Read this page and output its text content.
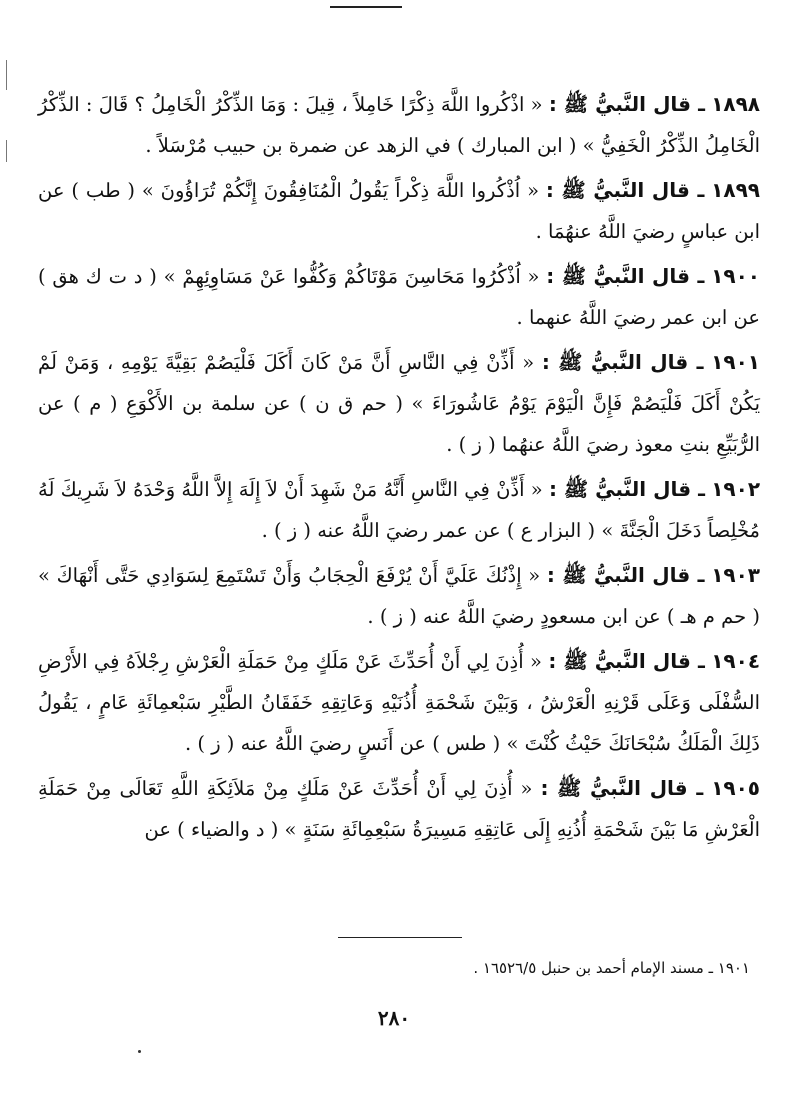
١٨٩٨ ـ قال النَّبيُّ ﷺ : « اذْكُروا اللَّهَ ذِكْرًا خَامِلاً ، قِيلَ : وَمَا الذِّكْرُ الْخَامِلُ ؟ قَالَ : الذِّكْرُ الْخَامِلُ الذِّكْرُ الْخَفِيُّ » ( ابن المبارك ) في الزهد عن ضمرة بن حبيب مُرْسَلاً .

١٨٩٩ ـ قال النَّبيُّ ﷺ : « اُذْكُروا اللَّهَ ذِكْراً يَقُولُ الْمُنَافِقُونَ إِنَّكُمْ تُرَاؤُونَ » ( طب ) عن ابن عباسٍ رضيَ اللَّهُ عنهُمَا .

١٩٠٠ ـ قال النَّبيُّ ﷺ : « اُذْكُرُوا مَحَاسِنَ مَوْتَاكُمْ وَكُفُّوا عَنْ مَسَاوِئِهِمْ » ( د ت ك هق ) عن ابن عمر رضيَ اللَّهُ عنهما .

١٩٠١ ـ قال النَّبيُّ ﷺ : « أَذِّنْ فِي النَّاسِ أَنَّ مَنْ كَانَ أَكَلَ فَلْيَصُمْ بَقِيَّةَ يَوْمِهِ ، وَمَنْ لَمْ يَكُنْ أَكَلَ فَلْيَصُمْ فَإِنَّ الْيَوْمَ يَوْمُ عَاشُورَاءَ » ( حم ق ن ) عن سلمة بن الأَكْوَعِ ( م ) عن الرُّبَيِّعِ بنتِ معوذ رضيَ اللَّهُ عنهُما ( ز ) .

١٩٠٢ ـ قال النَّبيُّ ﷺ : « أَذِّنْ فِي النَّاسِ أَنَّهُ مَنْ شَهِدَ أَنْ لاَ إِلَهَ إِلاَّ اللَّهُ وَحْدَهُ لاَ شَرِيكَ لَهُ مُخْلِصاً دَخَلَ الْجَنَّةَ » ( البزار ع ) عن عمر رضيَ اللَّهُ عنه ( ز ) .

١٩٠٣ ـ قال النَّبيُّ ﷺ : « إِذْنُكَ عَلَيَّ أَنْ يُرْفَعَ الْحِجَابُ وَأَنْ تَسْتَمِعَ لِسَوَادِي حَتَّى أَنْهَاكَ » ( حم م هـ ) عن ابن مسعودٍ رضيَ اللَّهُ عنه ( ز ) .

١٩٠٤ ـ قال النَّبيُّ ﷺ : « أُذِنَ لِي أَنْ أُحَدِّثَ عَنْ مَلَكٍ مِنْ حَمَلَةِ الْعَرْشِ رِجْلاَهُ فِي الأَرْضِ السُّفْلَى وَعَلَى قَرْنِهِ الْعَرْشُ ، وَبَيْنَ شَحْمَةِ أُذُنَيْهِ وَعَاتِقِهِ خَفَقَانُ الطَّيْرِ سَبْعمِائَةِ عَامٍ ، يَقُولُ ذَلِكَ الْمَلَكُ سُبْحَانَكَ حَيْثُ كُنْتَ » ( طس ) عن أَنَسٍ رضيَ اللَّهُ عنه ( ز ) .

١٩٠٥ ـ قال النَّبيُّ ﷺ : « أُذِنَ لِي أَنْ أُحَدِّثَ عَنْ مَلَكٍ مِنْ مَلاَئِكَةِ اللَّهِ تَعَالَى مِنْ حَمَلَةِ الْعَرْشِ مَا بَيْنَ شَحْمَةِ أُذُنِهِ إِلَى عَاتِقِهِ مَسِيرَةُ سَبْعِمِائَةِ سَنَةٍ » ( د والضياء ) عن

١٩٠١ ـ مسند الإمام أحمد بن حنبل ١٦٥٢٦/٥ .
٢٨٠
